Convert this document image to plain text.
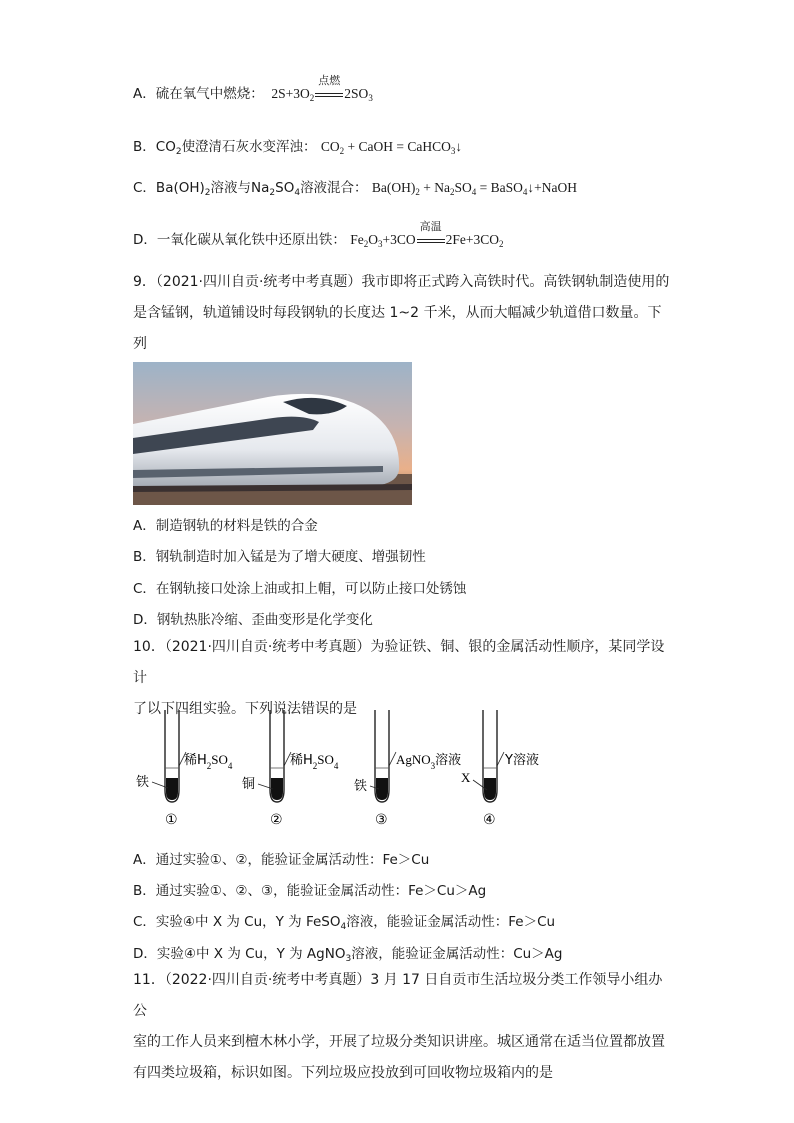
A．硫在氧气中燃烧：  $2S+3O_2$
点燃
$2SO_3$
B．$CO_2$使澄清石灰水变浑浊： $CO_2$ + CaOH = CaHCO$_3$↓
C．$Ba(OH)_2$溶液与$Na_2SO_4$溶液混合： $Ba(OH)_2 + Na_2SO_4$ = BaSO$_4$↓+NaOH
D．一氧化碳从氧化铁中还原出铁： $Fe_2O_3+3CO$
高温
$2Fe+3CO_2$
9．（2021·四川自贡·统考中考真题）我市即将正式跨入高铁时代。高铁钢轨制造使用的
是含锰钢，轨道铺设时每段钢轨的长度达 1~2 千米，从而大幅减少轨道借口数量。下列
A．制造钢轨的材料是铁的合金
B．钢轨制造时加入锰是为了增大硬度、增强韧性
C．在钢轨接口处涂上油或扣上帽，可以防止接口处锈蚀
D．钢轨热胀冷缩、歪曲变形是化学变化
10．（2021·四川自贡·统考中考真题）为验证铁、铜、银的金属活动性顺序，某同学设计
了以下四组实验。下列说法错误的是
稀$H_2SO_4$
铁
①
稀$H_2SO_4$
铜
②
AgNO$_3$溶液
铁
③
Y溶液
X
④
A．通过实验①、②，能验证金属活动性：Fe＞Cu
B．通过实验①、②、③，能验证金属活动性：Fe＞Cu＞Ag
C．实验④中 X 为 Cu，Y 为 FeSO$_4$溶液，能验证金属活动性：Fe＞Cu
D．实验④中 X 为 Cu，Y 为 AgNO$_3$溶液，能验证金属活动性：Cu＞Ag
11．（2022·四川自贡·统考中考真题）3 月 17 日自贡市生活垃圾分类工作领导小组办公
室的工作人员来到檀木林小学，开展了垃圾分类知识讲座。城区通常在适当位置都放置
有四类垃圾箱，标识如图。下列垃圾应投放到可回收物垃圾箱内的是
